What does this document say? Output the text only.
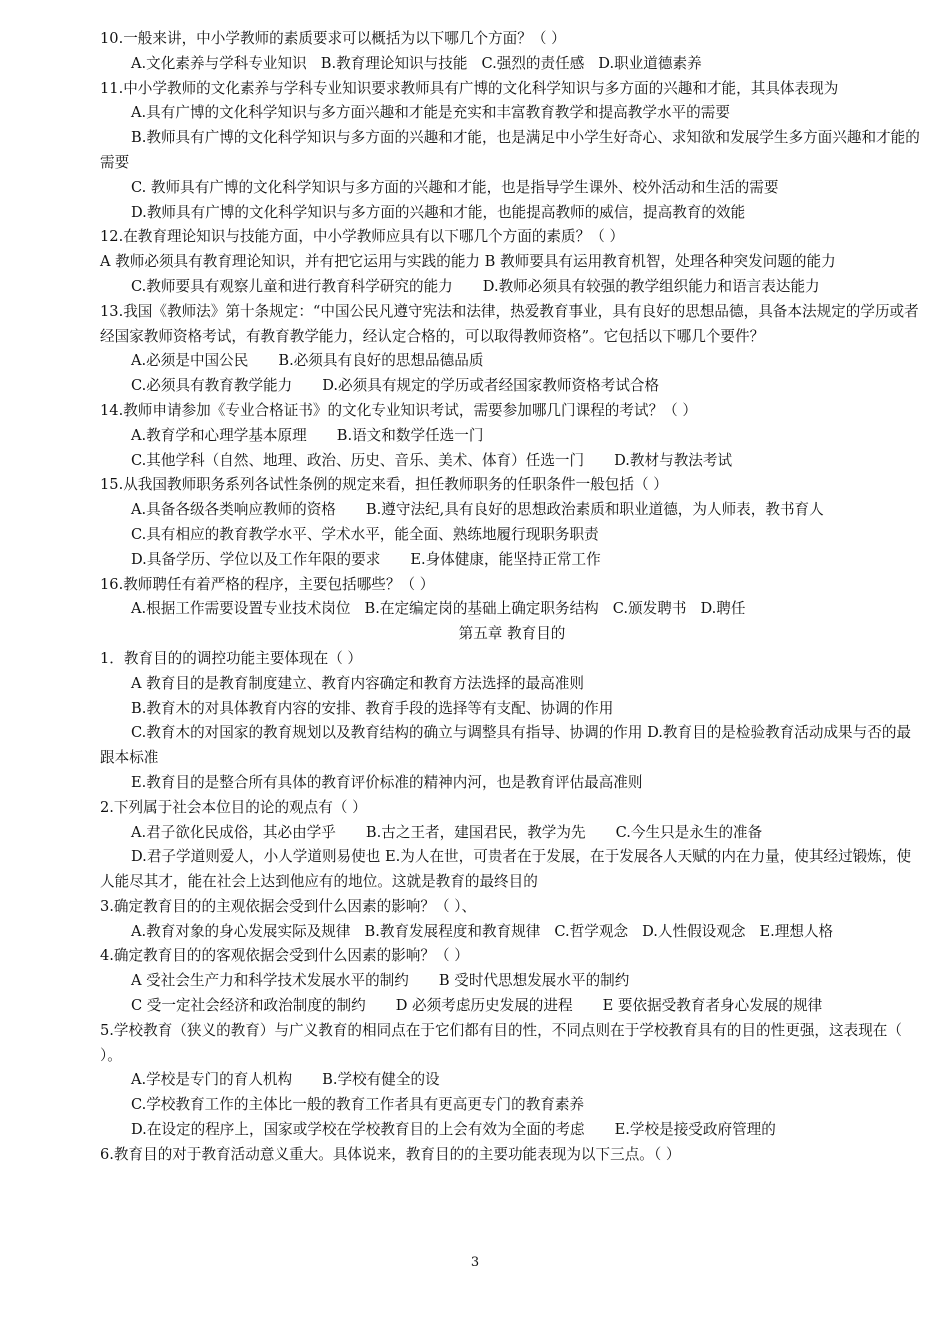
10.一般来讲，中小学教师的素质要求可以概括为以下哪几个方面？（ ）
A.文化素养与学科专业知识 B.教育理论知识与技能 C.强烈的责任感 D.职业道德素养
11.中小学教师的文化素养与学科专业知识要求教师具有广博的文化科学知识与多方面的兴趣和才能，其具体表现为
A.具有广博的文化科学知识与多方面兴趣和才能是充实和丰富教育教学和提高教学水平的需要
B.教师具有广博的文化科学知识与多方面的兴趣和才能，也是满足中小学生好奇心、求知欲和发展学生多方面兴趣和才能的需要
C. 教师具有广博的文化科学知识与多方面的兴趣和才能，也是指导学生课外、校外活动和生活的需要
D.教师具有广博的文化科学知识与多方面的兴趣和才能，也能提高教师的威信，提高教育的效能
12.在教育理论知识与技能方面，中小学教师应具有以下哪几个方面的素质？（ ）
A 教师必须具有教育理论知识，并有把它运用与实践的能力 B 教师要具有运用教育机智，处理各种突发问题的能力
C.教师要具有观察儿童和进行教育科学研究的能力 D.教师必须具有较强的教学组织能力和语言表达能力
13.我国《教师法》第十条规定：“中国公民凡遵守宪法和法律，热爱教育事业，具有良好的思想品德，具备本法规定的学历或者经国家教师资格考试，有教育教学能力，经认定合格的，可以取得教师资格”。它包括以下哪几个要件？
A.必须是中国公民 B.必须具有良好的思想品德品质
C.必须具有教育教学能力 D.必须具有规定的学历或者经国家教师资格考试合格
14.教师申请参加《专业合格证书》的文化专业知识考试，需要参加哪几门课程的考试？（ ）
A.教育学和心理学基本原理 B.语文和数学任选一门
C.其他学科（自然、地理、政治、历史、音乐、美术、体育）任选一门 D.教材与教法考试
15.从我国教师职务系列各试性条例的规定来看，担任教师职务的任职条件一般包括（ ）
A.具备各级各类响应教师的资格 B.遵守法纪,具有良好的思想政治素质和职业道德，为人师表，教书育人
C.具有相应的教育教学水平、学术水平，能全面、熟练地履行现职务职责
D.具备学历、学位以及工作年限的要求 E.身体健康，能坚持正常工作
16.教师聘任有着严格的程序，主要包括哪些？（ ）
A.根据工作需要设置专业技术岗位 B.在定编定岗的基础上确定职务结构 C.颁发聘书 D.聘任
第五章 教育目的
1．教育目的的调控功能主要体现在（ ）
A 教育目的是教育制度建立、教育内容确定和教育方法选择的最高准则
B.教育木的对具体教育内容的安排、教育手段的选择等有支配、协调的作用
C.教育木的对国家的教育规划以及教育结构的确立与调整具有指导、协调的作用 D.教育目的是检验教育活动成果与否的最跟本标准
E.教育目的是整合所有具体的教育评价标准的精神内河，也是教育评估最高准则
2.下列属于社会本位目的论的观点有（ ）
A.君子欲化民成俗，其必由学乎 B.古之王者，建国君民，教学为先 C.今生只是永生的准备
D.君子学道则爱人，小人学道则易使也 E.为人在世，可贵者在于发展，在于发展各人天赋的内在力量，使其经过锻炼，使人能尽其才，能在社会上达到他应有的地位。这就是教育的最终目的
3.确定教育目的的主观依据会受到什么因素的影响？（ ）、
A.教育对象的身心发展实际及规律 B.教育发展程度和教育规律 C.哲学观念 D.人性假设观念 E.理想人格
4.确定教育目的的客观依据会受到什么因素的影响？（ ）
A 受社会生产力和科学技术发展水平的制约 B 受时代思想发展水平的制约
C 受一定社会经济和政治制度的制约 D 必须考虑历史发展的进程 E 要依据受教育者身心发展的规律
5.学校教育（狭义的教育）与广义教育的相同点在于它们都有目的性，不同点则在于学校教育具有的目的性更强，这表现在（ ）。
A.学校是专门的育人机构 B.学校有健全的设
C.学校教育工作的主体比一般的教育工作者具有更高更专门的教育素养
D.在设定的程序上，国家或学校在学校教育目的上会有效为全面的考虑 E.学校是接受政府管理的
6.教育目的对于教育活动意义重大。具体说来，教育目的的主要功能表现为以下三点。（ ）
3
